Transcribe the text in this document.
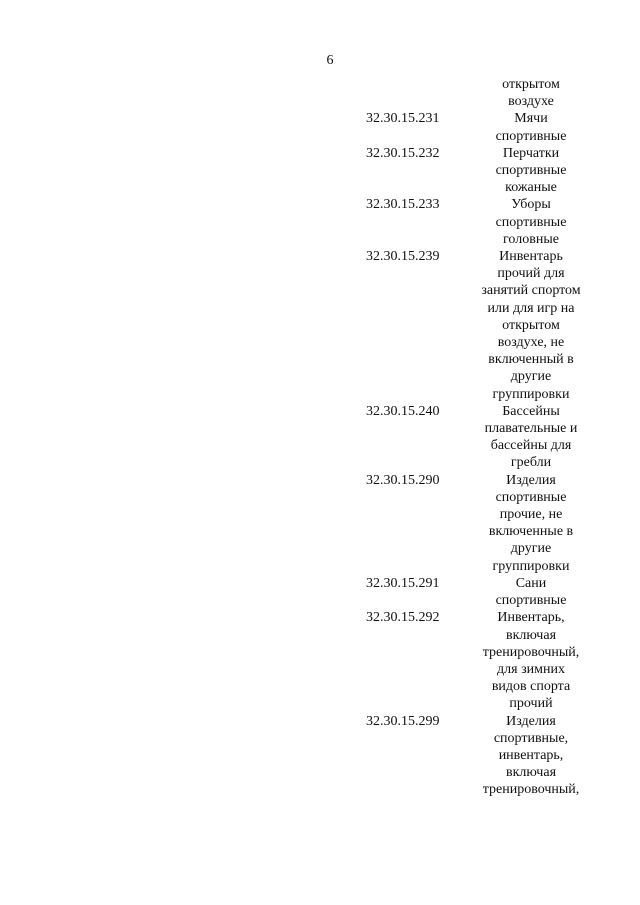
6
открытом
воздухе
32.30.15.231	Мячи
спортивные
32.30.15.232	Перчатки
спортивные
кожаные
32.30.15.233	Уборы
спортивные
головные
32.30.15.239	Инвентарь
прочий для
занятий спортом
или для игр на
открытом
воздухе, не
включенный в
другие
группировки
32.30.15.240	Бассейны
плавательные и
бассейны для
гребли
32.30.15.290	Изделия
спортивные
прочие, не
включенные в
другие
группировки
32.30.15.291	Сани
спортивные
32.30.15.292	Инвентарь,
включая
тренировочный,
для зимних
видов спорта
прочий
32.30.15.299	Изделия
спортивные,
инвентарь,
включая
тренировочный,
